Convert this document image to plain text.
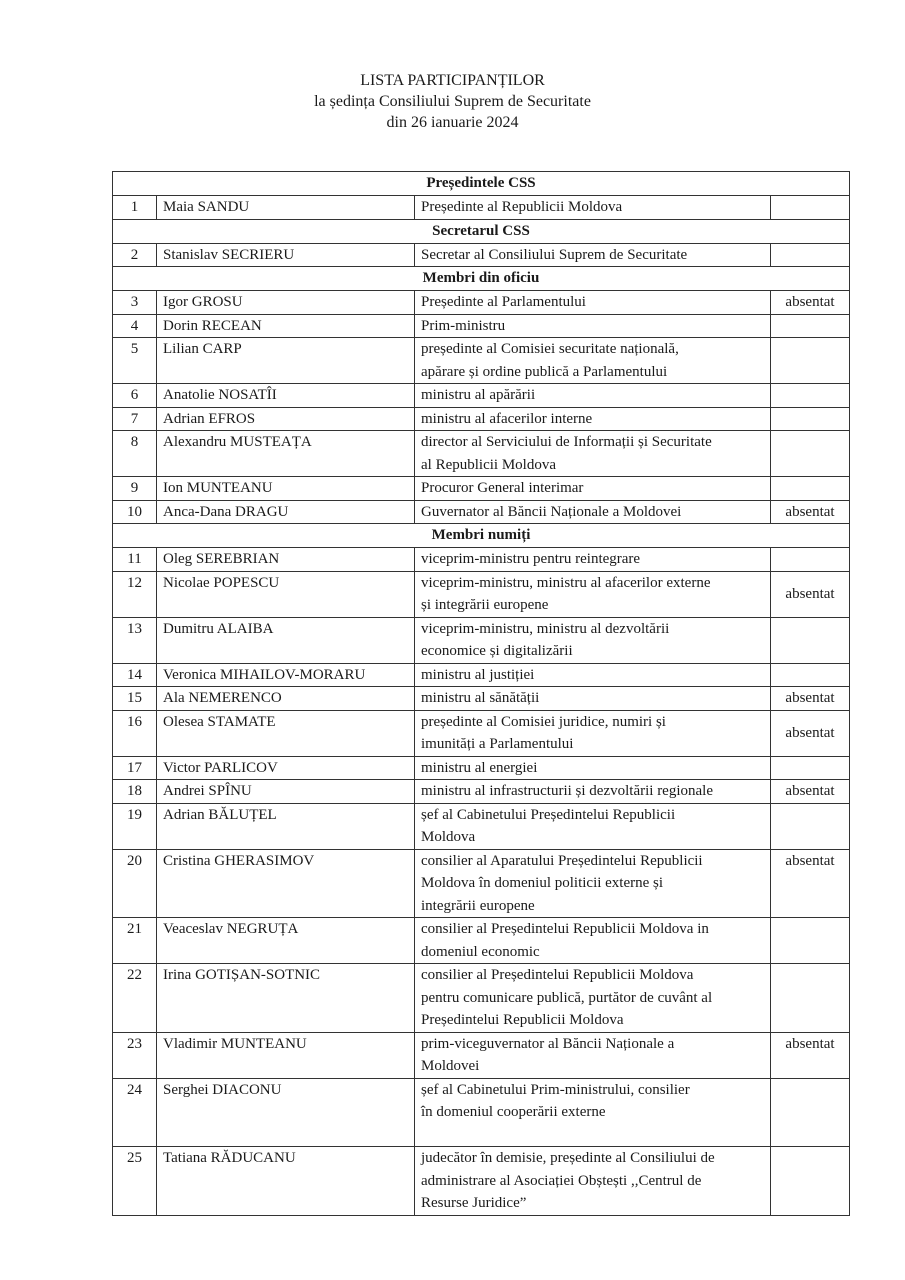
LISTA PARTICIPANȚILOR
la ședința Consiliului Suprem de Securitate
din 26 ianuarie 2024
Președintele CSS			
1	Maia SANDU	Președinte al Republicii Moldova	

Secretarul CSS			
2	Stanislav SECRIERU	Secretar al Consiliului Suprem de Securitate	

Membri din oficiu			
3	Igor GROSU	Președinte al Parlamentului	absentat
4	Dorin RECEAN	Prim-ministru	

5	Lilian CARP	președinte al Comisiei securitate națională,
apărare și ordine publică a Parlamentului	

6	Anatolie NOSATÎI	ministru al apărării	

7	Adrian EFROS	ministru al afacerilor interne	

8	Alexandru MUSTEAȚA	director al Serviciului de Informații și Securitate
al Republicii Moldova	

9	Ion MUNTEANU	Procuror General interimar	

10	Anca-Dana DRAGU	Guvernator al Băncii Naționale a Moldovei	absentat
Membri numiți			
11	Oleg SEREBRIAN	viceprim-ministru pentru reintegrare	

12	Nicolae POPESCU	viceprim-ministru, ministru al afacerilor externe
și integrării europene	absentat
13	Dumitru ALAIBA	viceprim-ministru, ministru al dezvoltării
economice și digitalizării	

14	Veronica MIHAILOV-MORARU	ministru al justiției	

15	Ala NEMERENCO	ministru al sănătății	absentat
16	Olesea STAMATE	președinte al Comisiei juridice, numiri și
imunități a Parlamentului	absentat
17	Victor PARLICOV	ministru al energiei	

18	Andrei SPÎNU	ministru al infrastructurii și dezvoltării regionale	absentat
19	Adrian BĂLUȚEL	șef al Cabinetului Președintelui Republicii
Moldova	

20	Cristina GHERASIMOV	consilier al Aparatului Președintelui Republicii
Moldova în domeniul politicii externe și
integrării europene	absentat
21	Veaceslav NEGRUȚA	consilier al Președintelui Republicii Moldova in
domeniul economic	

22	Irina GOTIȘAN-SOTNIC	consilier al Președintelui Republicii Moldova
pentru comunicare publică, purtător de cuvânt al
Președintelui Republicii Moldova	

23	Vladimir MUNTEANU	prim-viceguvernator al Băncii Naționale a
Moldovei	absentat
24	Serghei DIACONU	șef al Cabinetului Prim-ministrului, consilier
în domeniul cooperării externe	

25	Tatiana RĂDUCANU	judecător în demisie, președinte al Consiliului de
administrare al Asociației Obștești ,,Centrul de
Resurse Juridice”	
